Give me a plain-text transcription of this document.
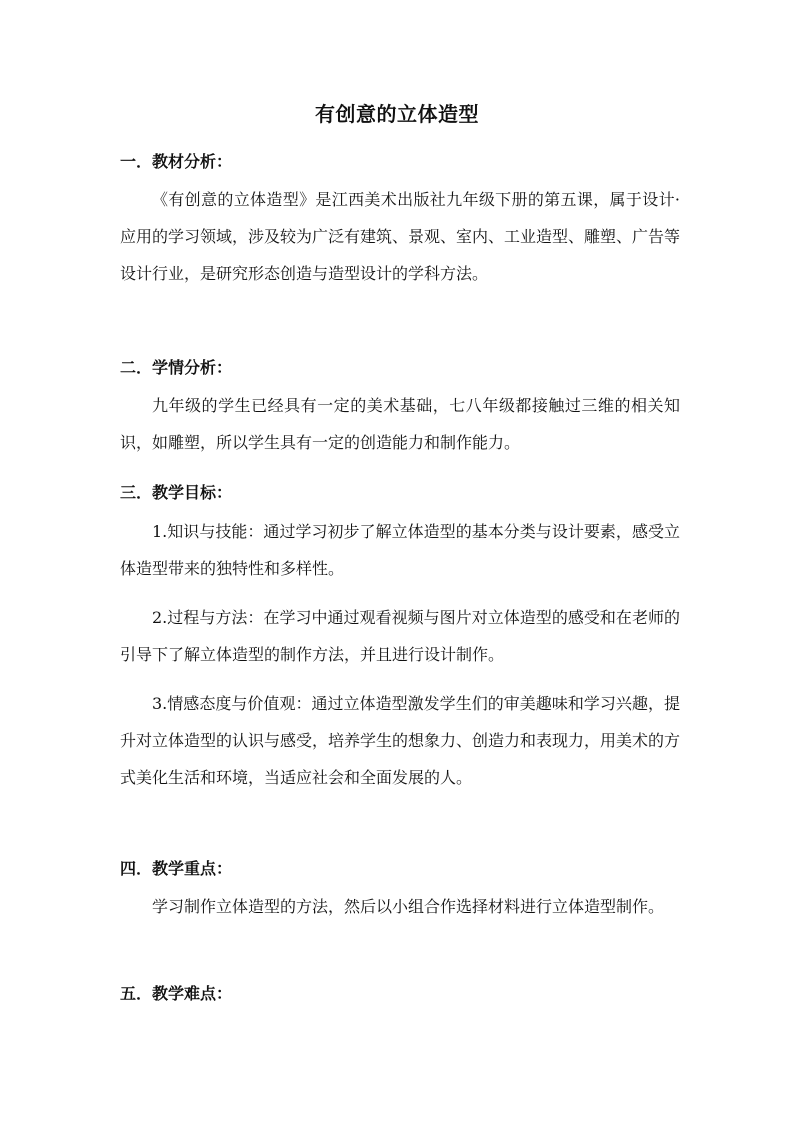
有创意的立体造型
一．教材分析：
《有创意的立体造型》是江西美术出版社九年级下册的第五课，属于设计·应用的学习领域，涉及较为广泛有建筑、景观、室内、工业造型、雕塑、广告等设计行业，是研究形态创造与造型设计的学科方法。
二．学情分析：
九年级的学生已经具有一定的美术基础，七八年级都接触过三维的相关知识，如雕塑，所以学生具有一定的创造能力和制作能力。
三．教学目标：
1.知识与技能：通过学习初步了解立体造型的基本分类与设计要素，感受立体造型带来的独特性和多样性。
2.过程与方法：在学习中通过观看视频与图片对立体造型的感受和在老师的引导下了解立体造型的制作方法，并且进行设计制作。
3.情感态度与价值观：通过立体造型激发学生们的审美趣味和学习兴趣，提升对立体造型的认识与感受，培养学生的想象力、创造力和表现力，用美术的方式美化生活和环境，当适应社会和全面发展的人。
四．教学重点：
学习制作立体造型的方法，然后以小组合作选择材料进行立体造型制作。
五．教学难点：
